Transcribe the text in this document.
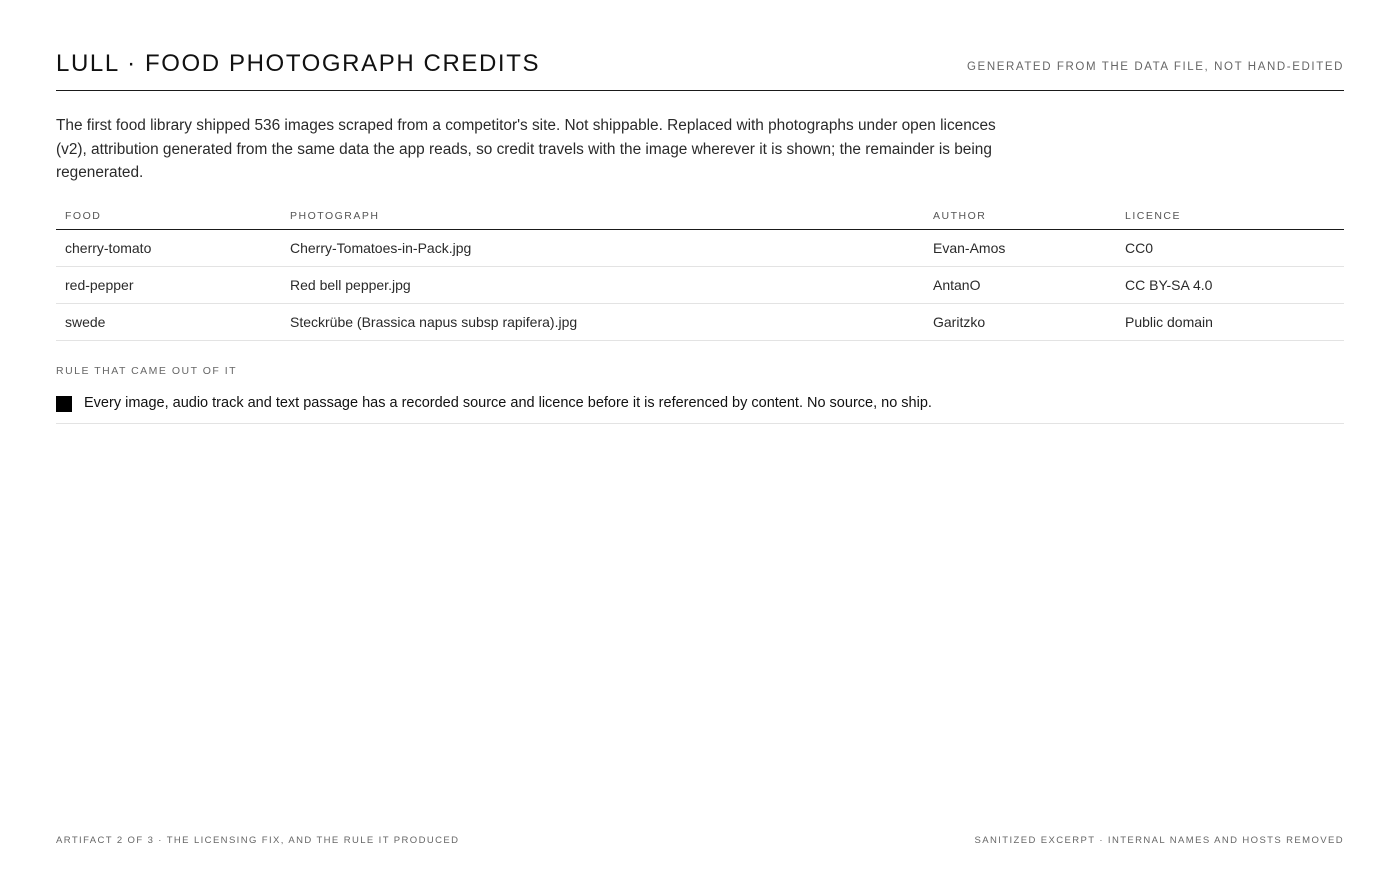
LULL · FOOD PHOTOGRAPH CREDITS	GENERATED FROM THE DATA FILE, NOT HAND-EDITED

The first food library shipped 536 images scraped from a competitor's site. Not shippable. Replaced with photographs under open licences (v2), attribution generated from the same data the app reads, so credit travels with the image wherever it is shown; the remainder is being regenerated.

FOOD	PHOTOGRAPH	AUTHOR	LICENCE
cherry-tomato	Cherry-Tomatoes-in-Pack.jpg	Evan-Amos	CC0
red-pepper	Red bell pepper.jpg	AntanO	CC BY-SA 4.0
swede	Steckrübe (Brassica napus subsp rapifera).jpg	Garitzko	Public domain
RULE THAT CAME OUT OF IT
Every image, audio track and text passage has a recorded source and licence before it is referenced by content. No source, no ship.
ARTIFACT 2 OF 3 · THE LICENSING FIX, AND THE RULE IT PRODUCED	SANITIZED EXCERPT · INTERNAL NAMES AND HOSTS REMOVED
